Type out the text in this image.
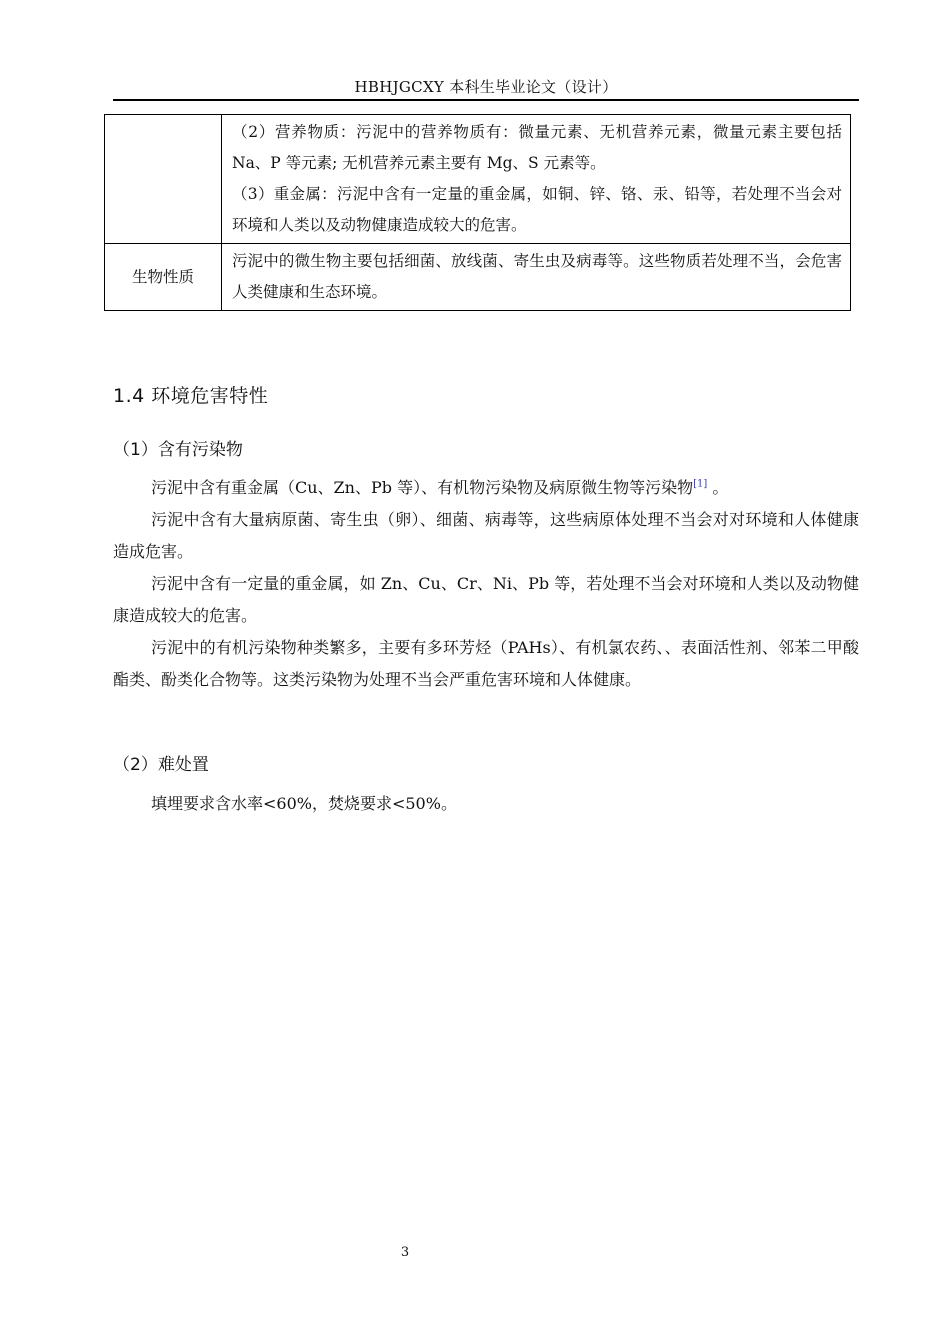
HBHJGCXY 本科生毕业论文（设计）

	（2）营养物质：污泥中的营养物质有：微量元素、无机营养元素，微量元素主要包括 Na、P 等元素; 无机营养元素主要有 Mg、S 元素等。

（3）重金属：污泥中含有一定量的重金属，如铜、锌、铬、汞、铅等，若处理不当会对环境和人类以及动物健康造成较大的危害。

生物性质	污泥中的微生物主要包括细菌、放线菌、寄生虫及病毒等。这些物质若处理不当，会危害人类健康和生态环境。

1.4 环境危害特性
（1）含有污染物

污泥中含有重金属（Cu、Zn、Pb 等）、有机物污染物及病原微生物等污染物[1] 。

污泥中含有大量病原菌、寄生虫（卵）、细菌、病毒等，这些病原体处理不当会对对环境和人体健康造成危害。

污泥中含有一定量的重金属，如 Zn、Cu、Cr、Ni、Pb 等，若处理不当会对环境和人类以及动物健康造成较大的危害。

污泥中的有机污染物种类繁多，主要有多环芳烃（PAHs）、有机氯农药、、表面活性剂、邻苯二甲酸酯类、酚类化合物等。这类污染物为处理不当会严重危害环境和人体健康。

（2）难处置

填埋要求含水率<60%，焚烧要求<50%。

3
